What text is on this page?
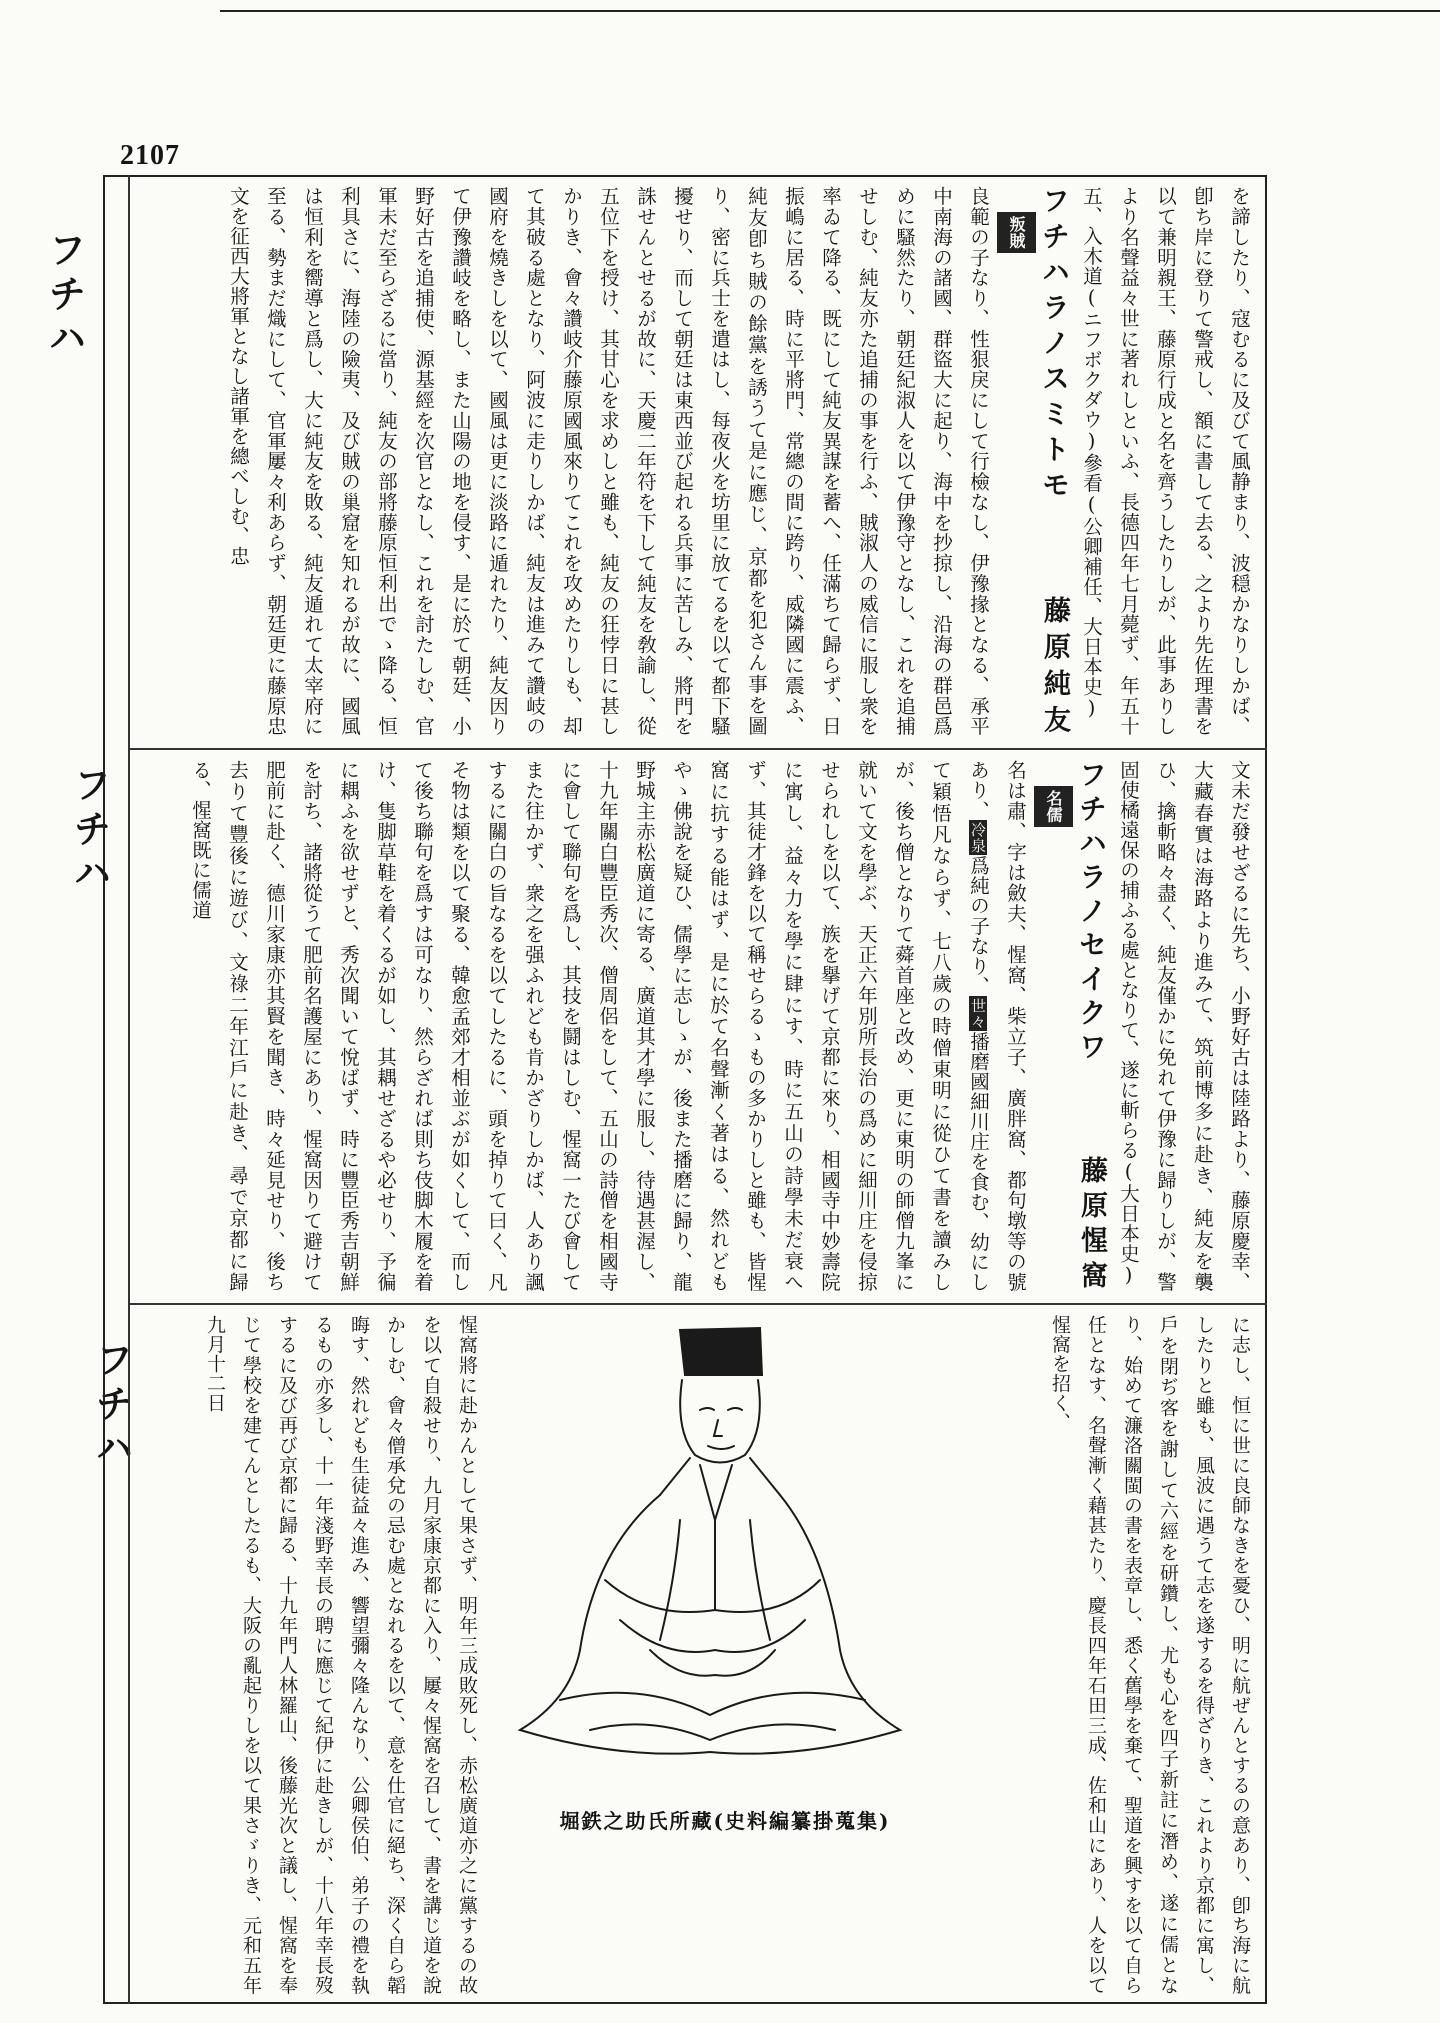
2107
フチハ
フチハ
フチハ

を諦したり、寇むるに及びて風静まり、波穏かなりしかば、卽ち岸に登りて警戒し、額に書して去る、之より先佐理書を以て兼明親王、藤原行成と名を齊うしたりしが、此事ありしより名聲益々世に著れしといふ、長德四年七月薨ず、年五十五、入木道(ニフボクダウ)參看(公卿補任、大日本史)

フチハラノスミトモ藤原純友叛賊

良範の子なり、性狠戾にして行檢なし、伊豫掾となる、承平中南海の諸國、群盜大に起り、海中を抄掠し、沿海の群邑爲めに騷然たり、朝廷紀淑人を以て伊豫守となし、これを追捕せしむ、純友亦た追捕の事を行ふ、賊淑人の威信に服し衆を率ゐて降る、既にして純友異謀を蓄へ、任滿ちて歸らず、日振嶋に居る、時に平將門、常總の間に跨り、威隣國に震ふ、純友卽ち賊の餘黨を誘うて是に應じ、京都を犯さん事を圖り、密に兵士を遣はし、每夜火を坊里に放てるを以て都下騷擾せり、而して朝廷は東西並び起れる兵事に苦しみ、將門を誅せんとせるが故に、天慶二年符を下して純友を敎諭し、從五位下を授け、其甘心を求めしと雖も、純友の狂悖日に甚しかりき、會々讚岐介藤原國風來りてこれを攻めたりしも、却て其破る處となり、阿波に走りしかば、純友は進みて讚岐の國府を燒きしを以て、國風は更に淡路に遁れたり、純友因りて伊豫讚岐を略し、また山陽の地を侵す、是に於て朝廷、小野好古を追捕使、源基經を次官となし、これを討たしむ、官軍未だ至らざるに當り、純友の部將藤原恒利出でゝ降る、恒利具さに、海陸の險夷、及び賊の巢窟を知れるが故に、國風は恒利を嚮導と爲し、大に純友を敗る、純友遁れて太宰府に至る、勢まだ熾にして、官軍屢々利あらず、朝廷更に藤原忠文を征西大將軍となし諸軍を總べしむ、忠

文未だ發せざるに先ち、小野好古は陸路より、藤原慶幸、大藏春實は海路より進みて、筑前博多に赴き、純友を襲ひ、擒斬略々盡く、純友僅かに免れて伊豫に歸りしが、警固使橘遠保の捕ふる處となりて、遂に斬らる(大日本史)

フチハラノセイクワ藤原惺窩名儒

名は肅、字は斂夫、惺窩、柴立子、廣胖窩、都句墩等の號あり、冷泉爲純の子なり、世々播磨國細川庄を食む、幼にして穎悟凡ならず、七八歲の時僧東明に從ひて書を讀みしが、後ち僧となりて蕣首座と改め、更に東明の師僧九峯に就いて文を學ぶ、天正六年別所長治の爲めに細川庄を侵掠せられしを以て、族を擧げて京都に來り、相國寺中妙壽院に寓し、益々力を學に肆にす、時に五山の詩學未だ衰へず、其徒才鋒を以て稱せらるゝもの多かりしと雖も、皆惺窩に抗する能はず、是に於て名聲漸く著はる、然れどもやゝ佛說を疑ひ、儒學に志しゝが、後また播磨に歸り、龍野城主赤松廣道に寄る、廣道其才學に服し、待遇甚渥し、十九年關白豐臣秀次、僧周侶をして、五山の詩僧を相國寺に會して聯句を爲し、其技を鬪はしむ、惺窩一たび會してまた往かず、衆之を强ふれども肯かざりしかば、人あり諷するに關白の旨なるを以てしたるに、頭を掉りて曰く、凡そ物は類を以て聚る、韓愈孟郊才相並ぶが如くして、而して後ち聯句を爲すは可なり、然らざれば則ち伎脚木履を着け、隻脚草鞋を着くるが如し、其耦せざるや必せり、予徧に耦ふを欲せずと、秀次聞いて悅ばず、時に豐臣秀吉朝鮮を討ち、諸將從うて肥前名護屋にあり、惺窩因りて避けて肥前に赴く、德川家康亦其賢を聞き、時々延見せり、後ち去りて豐後に遊び、文祿二年江戶に赴き、尋で京都に歸る、惺窩既に儒道

に志し、恒に世に良師なきを憂ひ、明に航ぜんとするの意あり、卽ち海に航したりと雖も、風波に遇うて志を遂するを得ざりき、これより京都に寓し、戶を閉ぢ客を謝して六經を研鑽し、尤も心を四子新註に潛め、遂に儒となり、始めて濂洛關閩の書を表章し、悉く舊學を棄て、聖道を興すを以て自ら任となす、名聲漸く藉甚たり、慶長四年石田三成、佐和山にあり、人を以て惺窩を招く、

惺窩將に赴かんとして果さず、明年三成敗死し、赤松廣道亦之に黨するの故を以て自殺せり、九月家康京都に入り、屢々惺窩を召して、書を講じ道を說かしむ、會々僧承兌の忌む處となれるを以て、意を仕官に絕ち、深く自ら韜晦す、然れども生徒益々進み、響望彌々隆んなり、公卿侯伯、弟子の禮を執るもの亦多し、十一年淺野幸長の聘に應じて紀伊に赴きしが、十八年幸長歿するに及び再び京都に歸る、十九年門人林羅山、後藤光次と議し、惺窩を奉じて學校を建てんとしたるも、大阪の亂起りしを以て果さゞりき、元和五年九月十二日

堀鉄之助氏所藏(史料編纂掛蒐集)
